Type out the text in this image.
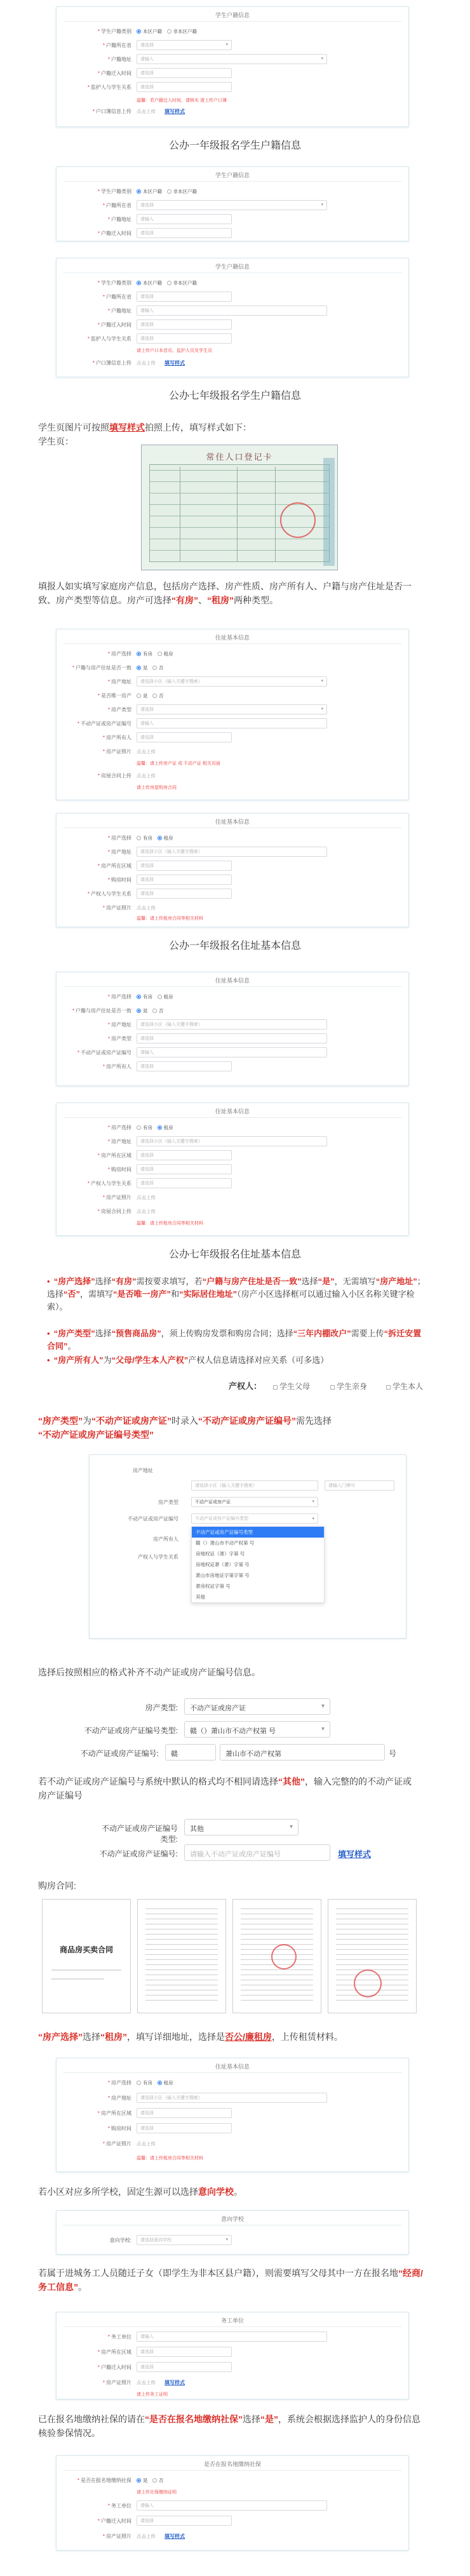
学生户籍信息
* 学生户籍类别	本区户籍　 非本区户籍
* 户籍所在省	请选择	▾
* 户籍地址	请输入	▾
* 户籍迁入时间	请选择
* 监护人与学生关系	请选择
温馨：若户籍迁入时间，请核实 请上传户口簿
* 户口簿信息上传 点击上传 填写样式
公办一年级报名学生户籍信息
学生户籍信息
* 学生户籍类别	本区户籍　 非本区户籍
* 户籍所在省	请选择	▾
* 户籍地址	请输入
* 户籍迁入时间	请选择
学生户籍信息
* 学生户籍类别	本区户籍　 非本区户籍
* 户籍所在省	请选择
* 户籍地址	请输入
* 户籍迁入时间	请选择
* 监护人与学生关系	请选择
请上传户口本首页、监护人页及学生页
* 户口簿信息上传 点击上传 填写样式
公办七年级报名学生户籍信息
学生页图片可按照填写样式拍照上传，填写样式如下：
学生页：
常住人口登记卡
填报人如实填写家庭房产信息，包括房产选择、房产性质、房产所有人、户籍与房产住址是否一致、房产类型等信息。房产可选择“有房”、“租房”两种类型。
住址基本信息
* 房产选择	有房　 租房
* 户籍与房产住址是否一致	是　 否
* 房产地址	请选择小区（输入关键字搜索）	▾
* 是否唯一房产	是　 否
* 房产类型	请选择	▾
* 不动产证或房产证编号	请输入
* 房产所有人	请选择
* 房产证照片 点击上传
温馨：请上传房产证 或 不动产证 相关页面
* 房屋合同上传 点击上传
请上传房屋购房合同
住址基本信息
* 房产选择	有房　 租房
* 房产地址	请选择小区（输入关键字搜索）
* 房产所在区域	请选择
* 购房时间	请选择
* 产权人与学生关系	请选择
* 房产证照片 点击上传
温馨：请上传租房合同等相关材料
公办一年级报名住址基本信息
住址基本信息
* 房产选择	有房　 租房
* 户籍与房产住址是否一致	是　 否
* 房产地址	请选择小区（输入关键字搜索）
* 房产类型	请选择
* 不动产证或房产证编号	请输入
* 房产所有人	请选择
住址基本信息
* 房产选择	有房　 租房
* 房产地址	请选择小区（输入关键字搜索）
* 房产所在区域	请选择
* 购房时间	请选择
* 产权人与学生关系	请选择
* 房产证照片 点击上传
* 房屋合同上传 点击上传
温馨：请上传租房合同等相关材料
公办七年级报名住址基本信息
• “房产选择”选择“有房”需按要求填写，若“户籍与房产住址是否一致”选择“是”，无需填写“房产地址”；选择“否”，需填写“是否唯一房产”和“实际居住地址”（房产小区选择框可以通过输入小区名称关键字检索）。
• “房产类型”选择“预售商品房”，须上传购房发票和购房合同；选择“三年内棚改户”需要上传“拆迁安置合同”。
• “房产所有人”为“父母/学生本人产权”产权人信息请选择对应关系（可多选）
产权人：	学生父母	学生亲身	学生本人
“房产类型”为“不动产证或房产证”时录入“不动产证或房产证编号”需先选择
“不动产证或房产证编号类型”
房产地址
请选择小区（输入关键字搜索）	请输入门牌号
房产类型	不动产证或房产证	▾
不动产证或房产证编号	不动产证或房产证编号类型	▴
房产所有人
产权人与学生关系
不动产证或房产证编号类型
赣（）萧山市不动产权第 号
房地权证（萧）字第 号
房地权证萧（萧）字第 号
萧山市房地证字第字第 号
萧房权证字第 号
其他
选择后按照相应的格式补齐不动产证或房产证编号信息。
房产类型:	不动产证或房产证	▾
不动产证或房产证编号类型:	赣（）萧山市不动产权第 号	▾
不动产证或房产证编号:	赣	萧山市不动产权第	号
若不动产证或房产证编号与系统中默认的格式均不相同请选择“其他”，输入完整的的不动产证或房产证编号
不动产证或房产证编号类型:
其他	▾
不动产证或房产证编号:	请输入不动产证或房产证编号	填写样式
购房合同:
商品房买卖合同
“房产选择”选择“租房”，填写详细地址，选择是否公/廉租房，上传租赁材料。
住址基本信息
* 房产选择	有房　 租房
* 房产地址	请选择小区（输入关键字搜索）
* 房产所在区域	请选择
* 购房时间	请选择
* 房产证照片 点击上传
温馨：请上传租房合同等相关材料
若小区对应多所学校，固定生源可以选择意向学校。
意向学校
意向学校:	请选择意向学校	▾
若属于进城务工人员随迁子女（即学生为非本区县户籍），则需要填写父母其中一方在报名地“经商/务工信息”。
务工单位
* 务工单位	请输入
* 房产所在区域	请选择
* 户籍迁入时间	请选择
* 房产证照片 点击上传 填写样式
请上传务工证明
已在报名地缴纳社保的请在“是否在报名地缴纳社保”选择“是”，系统会根据选择监护人的身份信息核验参保情况。
是否在报名地缴纳社保
* 是否在报名地缴纳社保	是　 否
请上传社保缴纳证明
* 务工单位	请输入
* 户籍迁入时间	请选择
* 房产证照片 点击上传 填写样式
